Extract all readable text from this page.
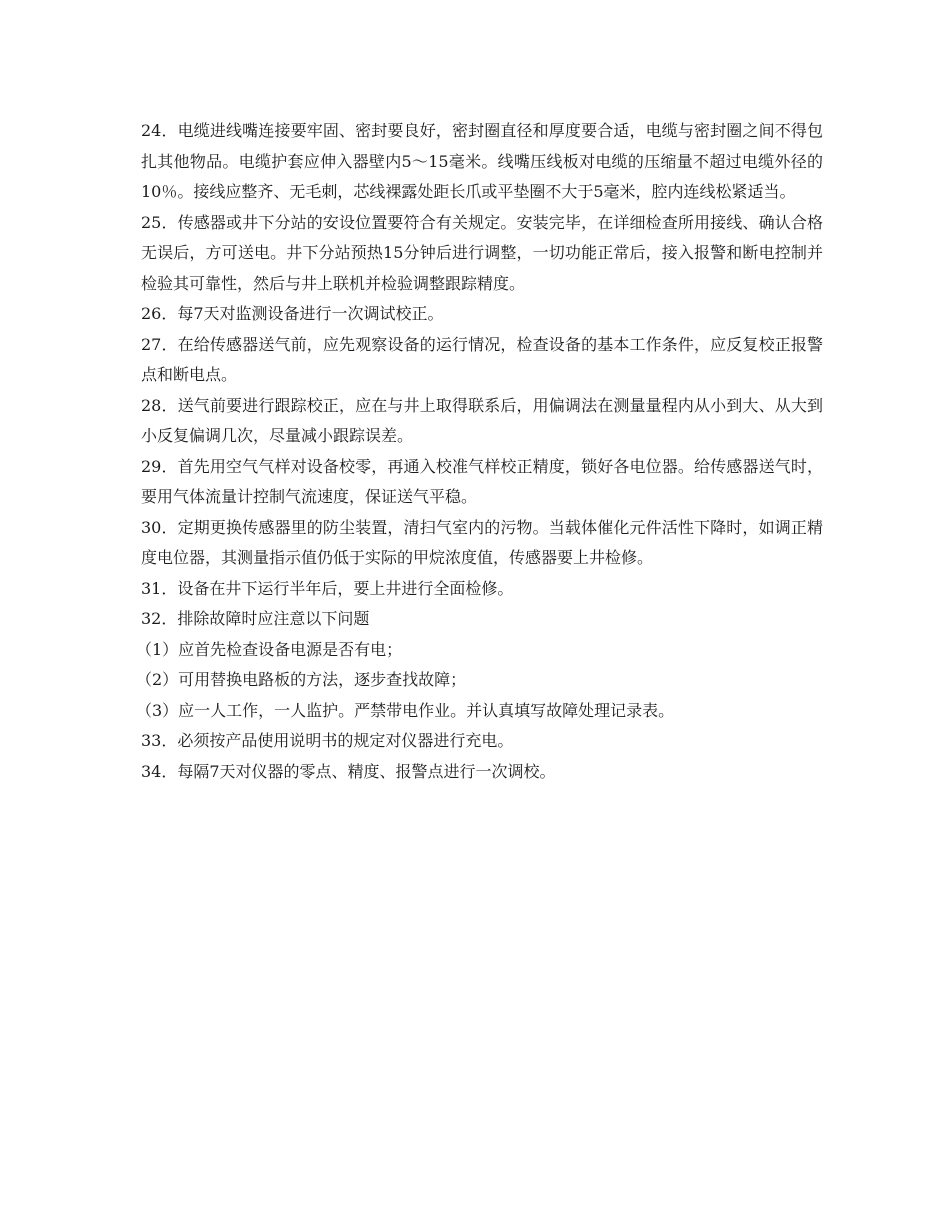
24．电缆进线嘴连接要牢固、密封要良好，密封圈直径和厚度要合适，电缆与密封圈之间不得包扎其他物品。电缆护套应伸入器壁内5～15毫米。线嘴压线板对电缆的压缩量不超过电缆外径的10％。接线应整齐、无毛刺，芯线裸露处距长爪或平垫圈不大于5毫米，腔内连线松紧适当。

25．传感器或井下分站的安设位置要符合有关规定。安装完毕，在详细检查所用接线、确认合格无误后，方可送电。井下分站预热15分钟后进行调整，一切功能正常后，接入报警和断电控制并检验其可靠性，然后与井上联机并检验调整跟踪精度。

26．每7天对监测设备进行一次调试校正。

27．在给传感器送气前，应先观察设备的运行情况，检查设备的基本工作条件，应反复校正报警点和断电点。

28．送气前要进行跟踪校正，应在与井上取得联系后，用偏调法在测量量程内从小到大、从大到小反复偏调几次，尽量减小跟踪误差。

29．首先用空气气样对设备校零，再通入校准气样校正精度，锁好各电位器。给传感器送气时，要用气体流量计控制气流速度，保证送气平稳。

30．定期更换传感器里的防尘装置，清扫气室内的污物。当载体催化元件活性下降时，如调正精度电位器，其测量指示值仍低于实际的甲烷浓度值，传感器要上井检修。

31．设备在井下运行半年后，要上井进行全面检修。

32．排除故障时应注意以下问题

（1）应首先检查设备电源是否有电；

（2）可用替换电路板的方法，逐步查找故障；

（3）应一人工作，一人监护。严禁带电作业。并认真填写故障处理记录表。

33．必须按产品使用说明书的规定对仪器进行充电。

34．每隔7天对仪器的零点、精度、报警点进行一次调校。
